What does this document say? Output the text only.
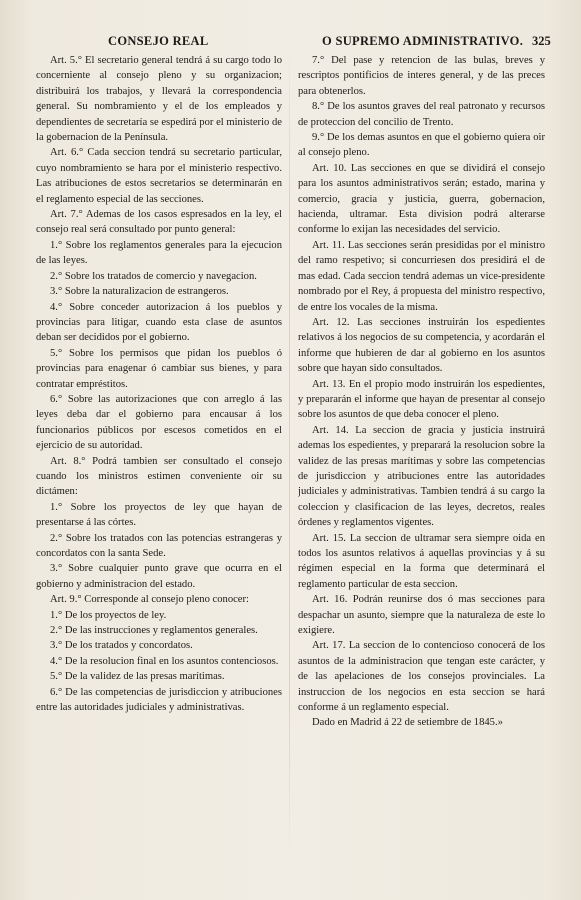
CONSEJO REAL	O SUPREMO ADMINISTRATIVO. 325

Art. 5.° El secretario general tendrá á su cargo todo lo concerniente al consejo pleno y su organizacion; distribuirá los trabajos, y llevará la correspondencia general. Su nombramiento y el de los empleados y dependientes de secretaría se espedirá por el ministerio de la gobernacion de la Península.

Art. 6.° Cada seccion tendrá su secretario particular, cuyo nombramiento se hara por el ministerio respectivo. Las atribuciones de estos secretarios se determinarán en el reglamento especial de las secciones.

Art. 7.° Ademas de los casos espresados en la ley, el consejo real será consultado por punto general:

1.° Sobre los reglamentos generales para la ejecucion de las leyes.

2.° Sobre los tratados de comercio y navegacion.

3.° Sobre la naturalizacion de estrangeros.

4.° Sobre conceder autorizacion á los pueblos y provincias para litigar, cuando esta clase de asuntos deban ser decididos por el gobierno.

5.° Sobre los permisos que pidan los pueblos ó provincias para enagenar ó cambiar sus bienes, y para contratar empréstitos.

6.° Sobre las autorizaciones que con arreglo á las leyes deba dar el gobierno para encausar á los funcionarios públicos por escesos cometidos en el ejercicio de su autoridad.

Art. 8.° Podrá tambien ser consultado el consejo cuando los ministros estimen conveniente oir su dictámen:

1.° Sobre los proyectos de ley que hayan de presentarse á las córtes.

2.° Sobre los tratados con las potencias estrangeras y concordatos con la santa Sede.

3.° Sobre cualquier punto grave que ocurra en el gobierno y administracion del estado.

Art. 9.° Corresponde al consejo pleno conocer:

1.° De los proyectos de ley.

2.° De las instrucciones y reglamentos generales.

3.° De los tratados y concordatos.

4.° De la resolucion final en los asuntos contenciosos.

5.° De la validez de las presas marítimas.

6.° De las competencias de jurisdiccion y atribuciones entre las autoridades judiciales y administrativas.

7.° Del pase y retencion de las bulas, breves y rescriptos pontificios de interes general, y de las preces para obtenerlos.

8.° De los asuntos graves del real patronato y recursos de proteccion del concilio de Trento.

9.° De los demas asuntos en que el gobierno quiera oir al consejo pleno.

Art. 10. Las secciones en que se dividirá el consejo para los asuntos administrativos serán; estado, marina y comercio, gracia y justicia, guerra, gobernacion, hacienda, ultramar. Esta division podrá alterarse conforme lo exijan las necesidades del servicio.

Art. 11. Las secciones serán presididas por el ministro del ramo respetivo; si concurriesen dos presidirá el de mas edad. Cada seccion tendrá ademas un vice-presidente nombrado por el Rey, á propuesta del ministro respectivo, de entre los vocales de la misma.

Art. 12. Las secciones instruirán los espedientes relativos á los negocios de su competencia, y acordarán el informe que hubieren de dar al gobierno en los asuntos sobre que hayan sido consultados.

Art. 13. En el propio modo instruirán los espedientes, y prepararán el informe que hayan de presentar al consejo sobre los asuntos de que deba conocer el pleno.

Art. 14. La seccion de gracia y justicia instruirá ademas los espedientes, y preparará la resolucion sobre la validez de las presas marítimas y sobre las competencias de jurisdiccion y atribuciones entre las autoridades judiciales y administrativas. Tambien tendrá á su cargo la coleccion y clasificacion de las leyes, decretos, reales órdenes y reglamentos vigentes.

Art. 15. La seccion de ultramar sera siempre oida en todos los asuntos relativos á aquellas provincias y á su régimen especial en la forma que determinará el reglamento particular de esta seccion.

Art. 16. Podrán reunirse dos ó mas secciones para despachar un asunto, siempre que la naturaleza de este lo exigiere.

Art. 17. La seccion de lo contencioso conocerá de los asuntos de la administracion que tengan este carácter, y de las apelaciones de los consejos provinciales. La instruccion de los negocios en esta seccion se hará conforme á un reglamento especial.

Dado en Madrid á 22 de setiembre de 1845.»
